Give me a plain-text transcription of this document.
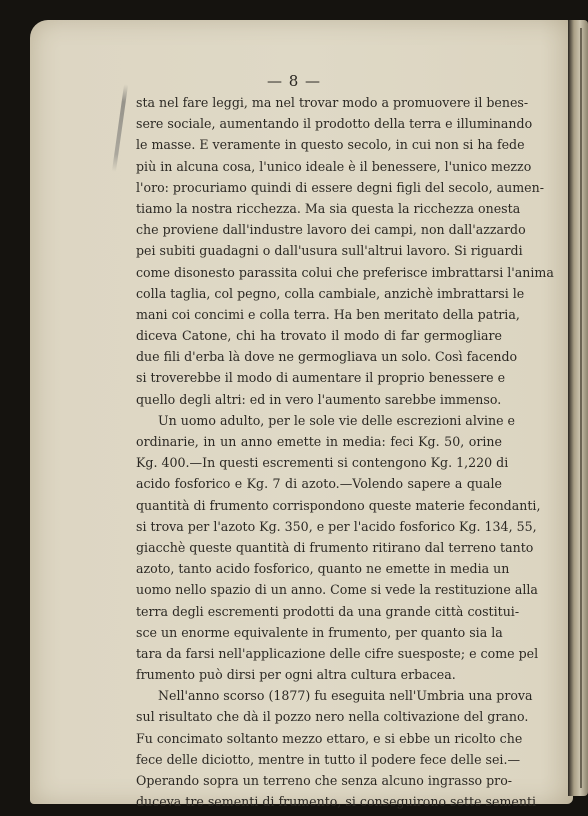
— 8 —
sta nel fare leggi, ma nel trovar modo a promuovere il benes-
sere sociale, aumentando il prodotto della terra e illuminando
le masse. E veramente in questo secolo, in cui non si ha fede
più in alcuna cosa, l'unico ideale è il benessere, l'unico mezzo
l'oro: procuriamo quindi di essere degni figli del secolo, aumen-
tiamo la nostra ricchezza. Ma sia questa la ricchezza onesta
che proviene dall'industre lavoro dei campi, non dall'azzardo
pei subiti guadagni o dall'usura sull'altrui lavoro. Si riguardi
come disonesto parassita colui che preferisce imbrattarsi l'anima
colla taglia, col pegno, colla cambiale, anzichè imbrattarsi le
mani coi concimi e colla terra. Ha ben meritato della patria,
diceva Catone, chi ha trovato il modo di far germogliare
due fili d'erba là dove ne germogliava un solo. Così facendo
si troverebbe il modo di aumentare il proprio benessere e
quello degli altri: ed in vero l'aumento sarebbe immenso.
Un uomo adulto, per le sole vie delle escrezioni alvine e
ordinarie, in un anno emette in media: feci Kg. 50, orine
Kg. 400.—In questi escrementi si contengono Kg. 1,220 di
acido fosforico e Kg. 7 di azoto.—Volendo sapere a quale
quantità di frumento corrispondono queste materie fecondanti,
si trova per l'azoto Kg. 350, e per l'acido fosforico Kg. 134, 55,
giacchè queste quantità di frumento ritirano dal terreno tanto
azoto, tanto acido fosforico, quanto ne emette in media un
uomo nello spazio di un anno. Come si vede la restituzione alla
terra degli escrementi prodotti da una grande città costitui-
sce un enorme equivalente in frumento, per quanto sia la
tara da farsi nell'applicazione delle cifre suesposte; e come pel
frumento può dirsi per ogni altra cultura erbacea.
Nell'anno scorso (1877) fu eseguita nell'Umbria una prova
sul risultato che dà il pozzo nero nella coltivazione del grano.
Fu concimato soltanto mezzo ettaro, e si ebbe un ricolto che
fece delle diciotto, mentre in tutto il podere fece delle sei.—
Operando sopra un terreno che senza alcuno ingrasso pro-
duceva tre sementi di frumento, si conseguirono sette sementi
